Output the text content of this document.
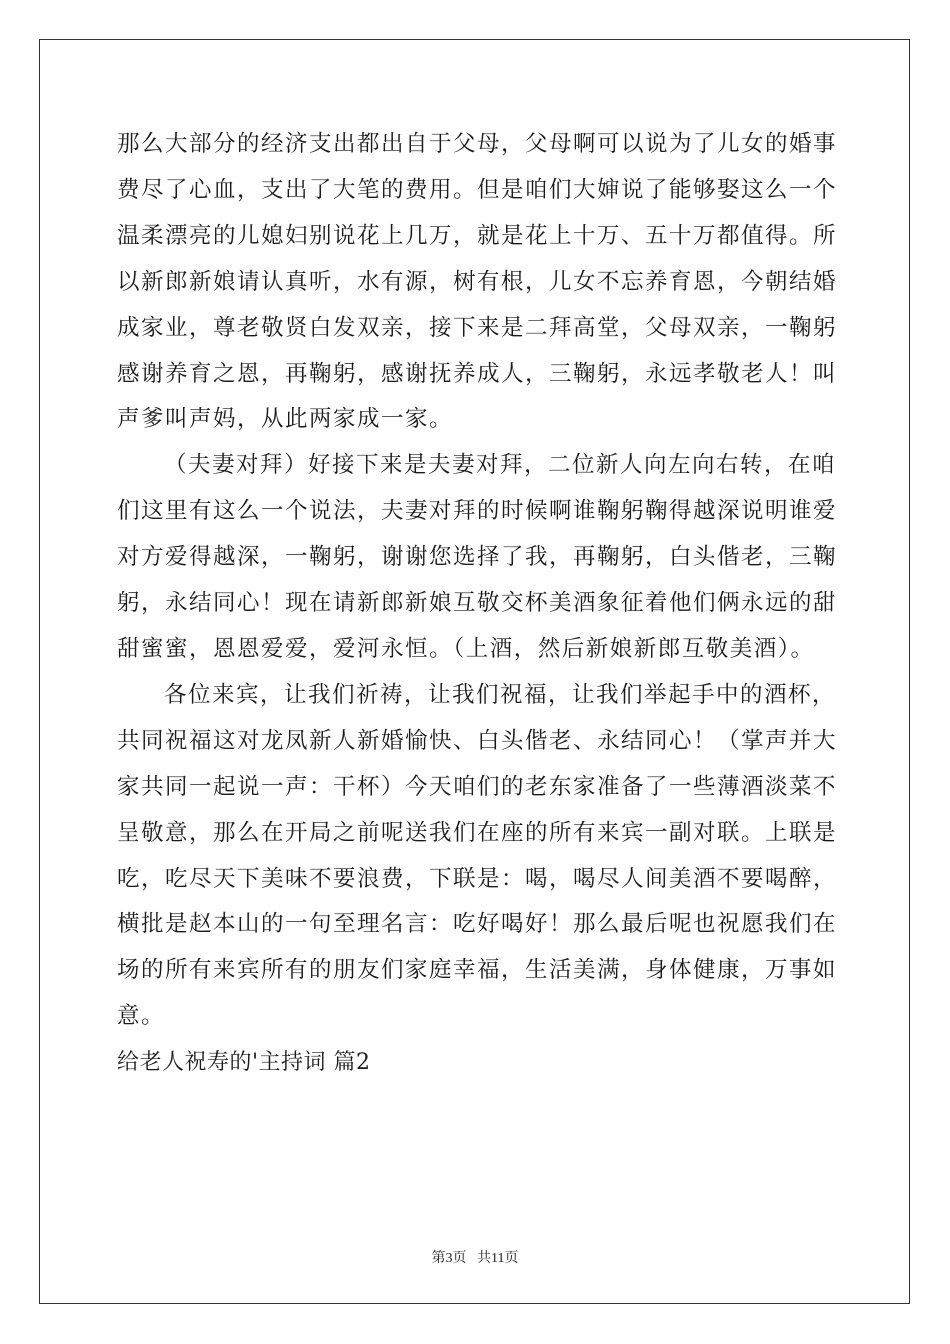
那么大部分的经济支出都出自于父母，父母啊可以说为了儿女的婚事

费尽了心血，支出了大笔的费用。但是咱们大婶说了能够娶这么一个

温柔漂亮的儿媳妇别说花上几万，就是花上十万、五十万都值得。所

以新郎新娘请认真听，水有源，树有根，儿女不忘养育恩，今朝结婚

成家业，尊老敬贤白发双亲，接下来是二拜高堂，父母双亲，一鞠躬

感谢养育之恩，再鞠躬，感谢抚养成人，三鞠躬，永远孝敬老人！叫

声爹叫声妈，从此两家成一家。

（夫妻对拜）好接下来是夫妻对拜，二位新人向左向右转，在咱

们这里有这么一个说法，夫妻对拜的时候啊谁鞠躬鞠得越深说明谁爱

对方爱得越深，一鞠躬，谢谢您选择了我，再鞠躬，白头偕老，三鞠

躬，永结同心！现在请新郎新娘互敬交杯美酒象征着他们俩永远的甜

甜蜜蜜，恩恩爱爱，爱河永恒。（上酒，然后新娘新郎互敬美酒）。

各位来宾，让我们祈祷，让我们祝福，让我们举起手中的酒杯，

共同祝福这对龙凤新人新婚愉快、白头偕老、永结同心！（掌声并大

家共同一起说一声：干杯）今天咱们的老东家准备了一些薄酒淡菜不

呈敬意，那么在开局之前呢送我们在座的所有来宾一副对联。上联是

吃，吃尽天下美味不要浪费，下联是：喝，喝尽人间美酒不要喝醉，

横批是赵本山的一句至理名言：吃好喝好！那么最后呢也祝愿我们在

场的所有来宾所有的朋友们家庭幸福，生活美满，身体健康，万事如

意。

给老人祝寿的'主持词 篇2

第3页 共11页
